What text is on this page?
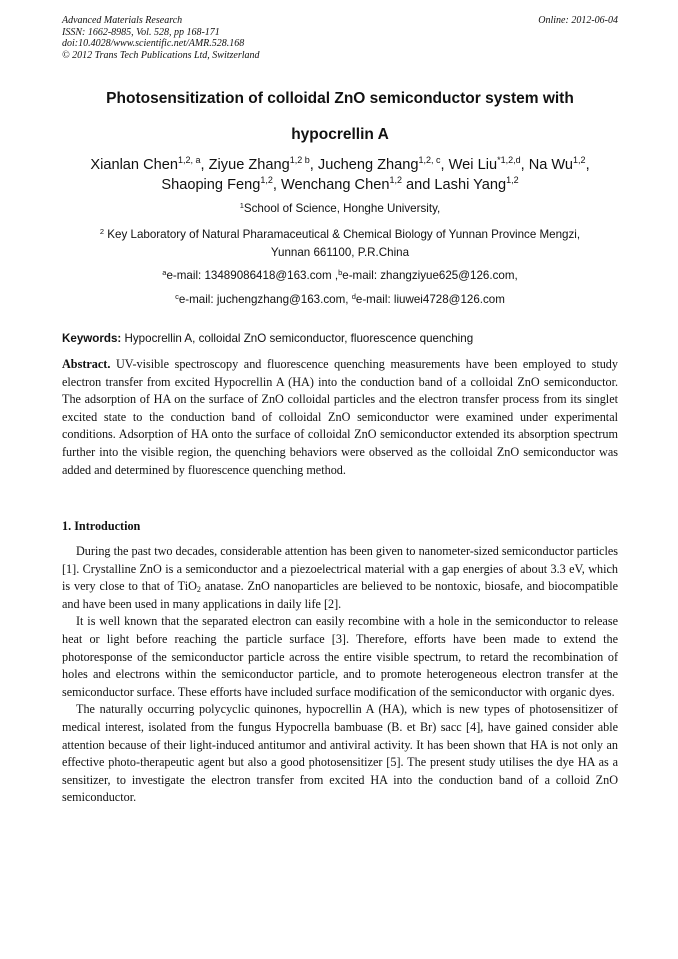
Advanced Materials Research
ISSN: 1662-8985, Vol. 528, pp 168-171
doi:10.4028/www.scientific.net/AMR.528.168
© 2012 Trans Tech Publications Ltd, Switzerland
Online: 2012-06-04
Photosensitization of colloidal ZnO semiconductor system with
hypocrellin A
Xianlan Chen$^{1,2, a}$, Ziyue Zhang$^{1,2 b}$, Jucheng Zhang$^{1,2, c}$, Wei Liu$^{*1,2,d}$, Na Wu$^{1,2}$,
Shaoping Feng$^{1,2}$, Wenchang Chen$^{1,2}$ and Lashi Yang$^{1,2}$
$^1$School of Science, Honghe University,
$^2$ Key Laboratory of Natural Pharamaceutical & Chemical Biology of Yunnan Province Mengzi,
Yunnan 661100, P.R.China
$^a$e-mail: 13489086418@163.com ,$^b$e-mail: zhangziyue625@126.com,
$^c$e-mail: juchengzhang@163.com, $^d$e-mail: liuwei4728@126.com
Keywords: Hypocrellin A, colloidal ZnO semiconductor, fluorescence quenching
Abstract. UV-visible spectroscopy and fluorescence quenching measurements have been employed to study electron transfer from excited Hypocrellin A (HA) into the conduction band of a colloidal ZnO semiconductor. The adsorption of HA on the surface of ZnO colloidal particles and the electron transfer process from its singlet excited state to the conduction band of colloidal ZnO semiconductor were examined under experimental conditions. Adsorption of HA onto the surface of colloidal ZnO semiconductor extended its absorption spectrum further into the visible region, the quenching behaviors were observed as the colloidal ZnO semiconductor was added and determined by fluorescence quenching method.
1. Introduction

During the past two decades, considerable attention has been given to nanometer-sized semiconductor particles [1]. Crystalline ZnO is a semiconductor and a piezoelectrical material with a gap energies of about 3.3 eV, which is very close to that of TiO$_2$ anatase. ZnO nanoparticles are believed to be nontoxic, biosafe, and biocompatible and have been used in many applications in daily life [2].

It is well known that the separated electron can easily recombine with a hole in the semiconductor to release heat or light before reaching the particle surface [3]. Therefore, efforts have been made to extend the photoresponse of the semiconductor particle across the entire visible spectrum, to retard the recombination of holes and electrons within the semiconductor particle, and to promote heterogeneous electron transfer at the semiconductor surface. These efforts have included surface modification of the semiconductor with organic dyes.

The naturally occurring polycyclic quinones, hypocrellin A (HA), which is new types of photosensitizer of medical interest, isolated from the fungus Hypocrella bambuase (B. et Br) sacc [4], have gained consider able attention because of their light-induced antitumor and antiviral activity. It has been shown that HA is not only an effective photo-therapeutic agent but also a good photosensitizer [5]. The present study utilises the dye HA as a sensitizer, to investigate the electron transfer from excited HA into the conduction band of a colloid ZnO semiconductor.
